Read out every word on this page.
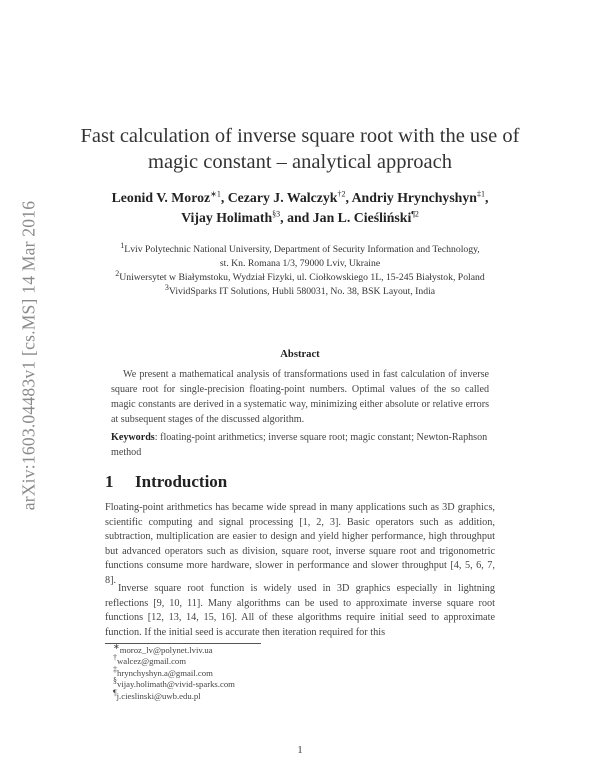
arXiv:1603.04483v1 [cs.MS] 14 Mar 2016
Fast calculation of inverse square root with the use of
magic constant – analytical approach
Leonid V. Moroz$^{∗1}$, Cezary J. Walczyk$^{\dagger 2}$, Andriy Hrynchyshyn$^{\ddagger 1}$,
Vijay Holimath$^{\S 3}$, and Jan L. Cieśliński$^{\P 2}$
$^1$Lviv Polytechnic National University, Department of Security Information and Technology,
st. Kn. Romana 1/3, 79000 Lviv, Ukraine
$^2$Uniwersytet w Białymstoku, Wydział Fizyki, ul. Ciołkowskiego 1L, 15-245 Białystok, Poland
$^3$VividSparks IT Solutions, Hubli 580031, No. 38, BSK Layout, India
Abstract

We present a mathematical analysis of transformations used in fast calculation of inverse square root for single-precision floating-point numbers. Optimal values of the so called magic constants are derived in a systematic way, minimizing either absolute or relative errors at subsequent stages of the discussed algorithm.

Keywords: floating-point arithmetics; inverse square root; magic constant; Newton-Raphson method

1 Introduction

Floating-point arithmetics has became wide spread in many applications such as 3D graphics, scientific computing and signal processing [1, 2, 3]. Basic operators such as addition, subtraction, multiplication are easier to design and yield higher performance, high throughput but advanced operators such as division, square root, inverse square root and trigonometric functions consume more hardware, slower in performance and slower throughput [4, 5, 6, 7, 8].

Inverse square root function is widely used in 3D graphics especially in lightning reflections [9, 10, 11]. Many algorithms can be used to approximate inverse square root functions [12, 13, 14, 15, 16]. All of these algorithms require initial seed to approximate function. If the initial seed is accurate then iteration required for this

∗moroz_lv@polynet.lviv.ua
†walcez@gmail.com
‡hrynchyshyn.a@gmail.com
§vijay.holimath@vivid-sparks.com
¶j.cieslinski@uwb.edu.pl
1
